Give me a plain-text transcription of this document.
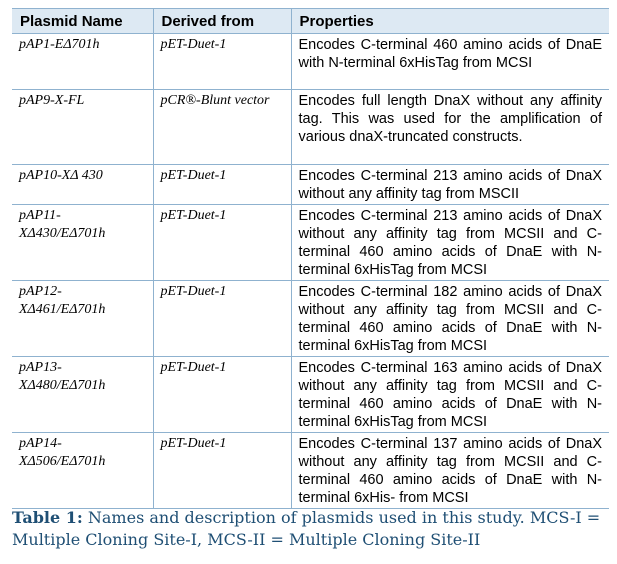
Plasmid Name	Derived from	Properties
pAP1-EΔ701h	pET-Duet-1	Encodes C-terminal 460 amino acids of DnaE with N-terminal 6xHisTag from MCSI
pAP9-X-FL	pCR®-Blunt vector	Encodes full length DnaX without any affinity tag. This was used for the amplification of various dnaX-truncated constructs.
pAP10-XΔ 430	pET-Duet-1	Encodes C-terminal 213 amino acids of DnaX without any affinity tag from MSCII
pAP11-XΔ430/EΔ701h	pET-Duet-1	Encodes C-terminal 213 amino acids of DnaX without any affinity tag from MCSII and C-terminal 460 amino acids of DnaE with N-terminal 6xHisTag from MCSI
pAP12-XΔ461/EΔ701h	pET-Duet-1	Encodes C-terminal 182 amino acids of DnaX without any affinity tag from MCSII and C-terminal 460 amino acids of DnaE with N-terminal 6xHisTag from MCSI
pAP13-XΔ480/EΔ701h	pET-Duet-1	Encodes C-terminal 163 amino acids of DnaX without any affinity tag from MCSII and C-terminal 460 amino acids of DnaE with N-terminal 6xHisTag from MCSI
pAP14-XΔ506/EΔ701h	pET-Duet-1	Encodes C-terminal 137 amino acids of DnaX without any affinity tag from MCSII and C-terminal 460 amino acids of DnaE with N-terminal 6xHis- from MCSI
Table 1: Names and description of plasmids used in this study. MCS-I = Multiple Cloning Site-I, MCS-II = Multiple Cloning Site-II
